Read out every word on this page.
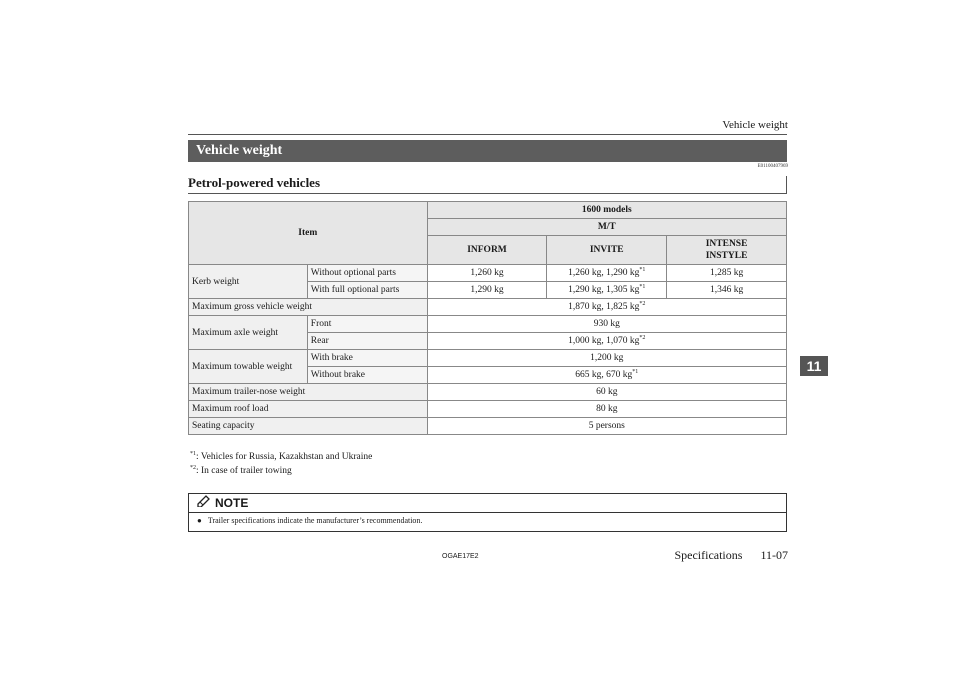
Vehicle weight
Vehicle weight
E01100407969
Petrol-powered vehicles
Item		1600 models		
		M/T		
		INFORM	INVITE	INTENSE
INSTYLE
Kerb weight	Without optional parts	1,260 kg	1,260 kg, 1,290 $kg^{*1}$	1,285 kg
	With full optional parts	1,290 kg	1,290 kg, 1,305 $kg^{*1}$	1,346 kg
Maximum gross vehicle weight		1,870 kg, 1,825 $kg^{*2}$
Maximum axle weight	Front	930 kg		
	Rear	1,000 kg, 1,070 $kg^{*2}$
Maximum towable weight	With brake	1,200 kg		
	Without brake	665 kg, 670 $kg^{*1}$
Maximum trailer-nose weight		60 kg		
Maximum roof load		80 kg		
Seating capacity		5 persons		
$^{*1}$: Vehicles for Russia, Kazakhstan and Ukraine
$^{*2}$: In case of trailer towing
NOTE
● Trailer specifications indicate the manufacturer’s recommendation.
OGAE17E2	Specifications 11-07
11
